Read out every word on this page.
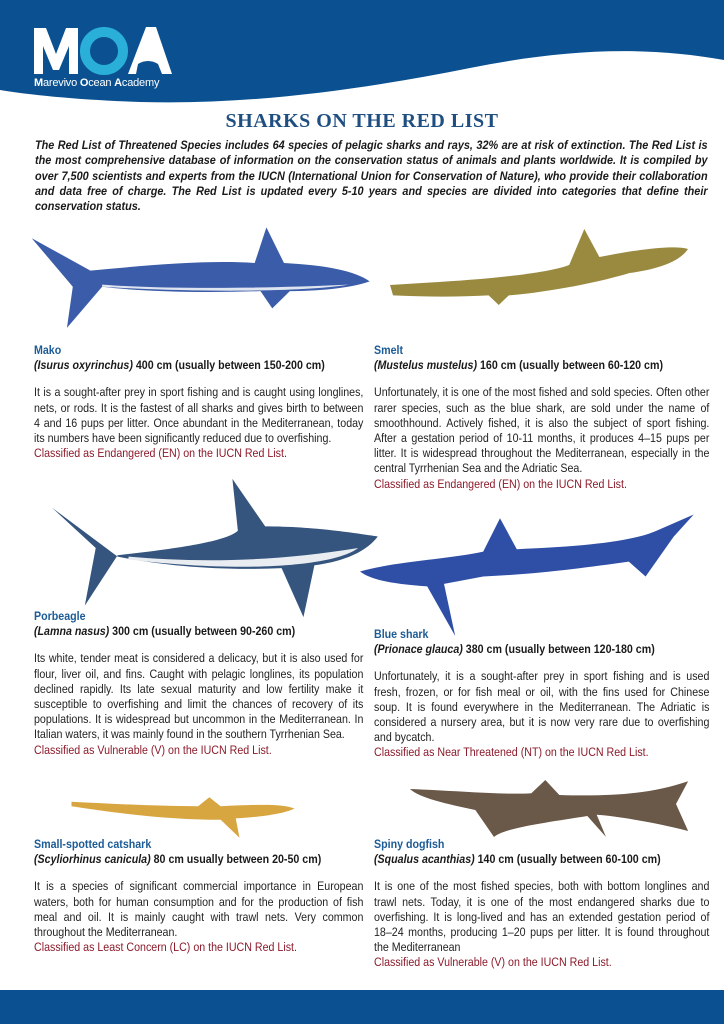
Marevivo Ocean Academy
SHARKS ON THE RED LIST
The Red List of Threatened Species includes 64 species of pelagic sharks and rays, 32% are at risk of extinction. The Red List is the most comprehensive database of information on the conservation status of animals and plants worldwide. It is compiled by over 7,500 scientists and experts from the IUCN (International Union for Conservation of Nature), who provide their collaboration and data free of charge. The Red List is updated every 5-10 years and species are divided into categories that define their conservation status.
Mako
(Isurus oxyrinchus) 400 cm (usually between 150-200 cm)
It is a sought-after prey in sport fishing and is caught using longlines, nets, or rods. It is the fastest of all sharks and gives birth to between 4 and 16 pups per litter. Once abundant in the Mediterranean, today its numbers have been significantly reduced due to overfishing.
Classified as Endangered (EN) on the IUCN Red List.
Smelt
(Mustelus mustelus) 160 cm (usually between 60-120 cm)
Unfortunately, it is one of the most fished and sold species. Often other rarer species, such as the blue shark, are sold under the name of smoothhound. Actively fished, it is also the subject of sport fishing. After a gestation period of 10-11 months, it produces 4–15 pups per litter. It is widespread throughout the Mediterranean, especially in the central Tyrrhenian Sea and the Adriatic Sea.
Classified as Endangered (EN) on the IUCN Red List.
Porbeagle
(Lamna nasus) 300 cm (usually between 90-260 cm)
Its white, tender meat is considered a delicacy, but it is also used for flour, liver oil, and fins. Caught with pelagic longlines, its population declined rapidly. Its late sexual maturity and low fertility make it susceptible to overfishing and limit the chances of recovery of its populations. It is widespread but uncommon in the Mediterranean. In Italian waters, it was mainly found in the southern Tyrrhenian Sea.
Classified as Vulnerable (V) on the IUCN Red List.
Blue shark
(Prionace glauca) 380 cm (usually between 120-180 cm)
Unfortunately, it is a sought-after prey in sport fishing and is used fresh, frozen, or for fish meal or oil, with the fins used for Chinese soup. It is found everywhere in the Mediterranean. The Adriatic is considered a nursery area, but it is now very rare due to overfishing and bycatch.
Classified as Near Threatened (NT) on the IUCN Red List.
Small-spotted catshark
(Scyliorhinus canicula) 80 cm usually between 20-50 cm)
It is a species of significant commercial importance in European waters, both for human consumption and for the production of fish meal and oil. It is mainly caught with trawl nets. Very common throughout the Mediterranean.
Classified as Least Concern (LC) on the IUCN Red List.
Spiny dogfish
(Squalus acanthias) 140 cm (usually between 60-100 cm)
It is one of the most fished species, both with bottom longlines and trawl nets. Today, it is one of the most endangered sharks due to overfishing. It is long-lived and has an extended gestation period of 18–24 months, producing 1–20 pups per litter. It is found throughout the Mediterranean
Classified as Vulnerable (V) on the IUCN Red List.
